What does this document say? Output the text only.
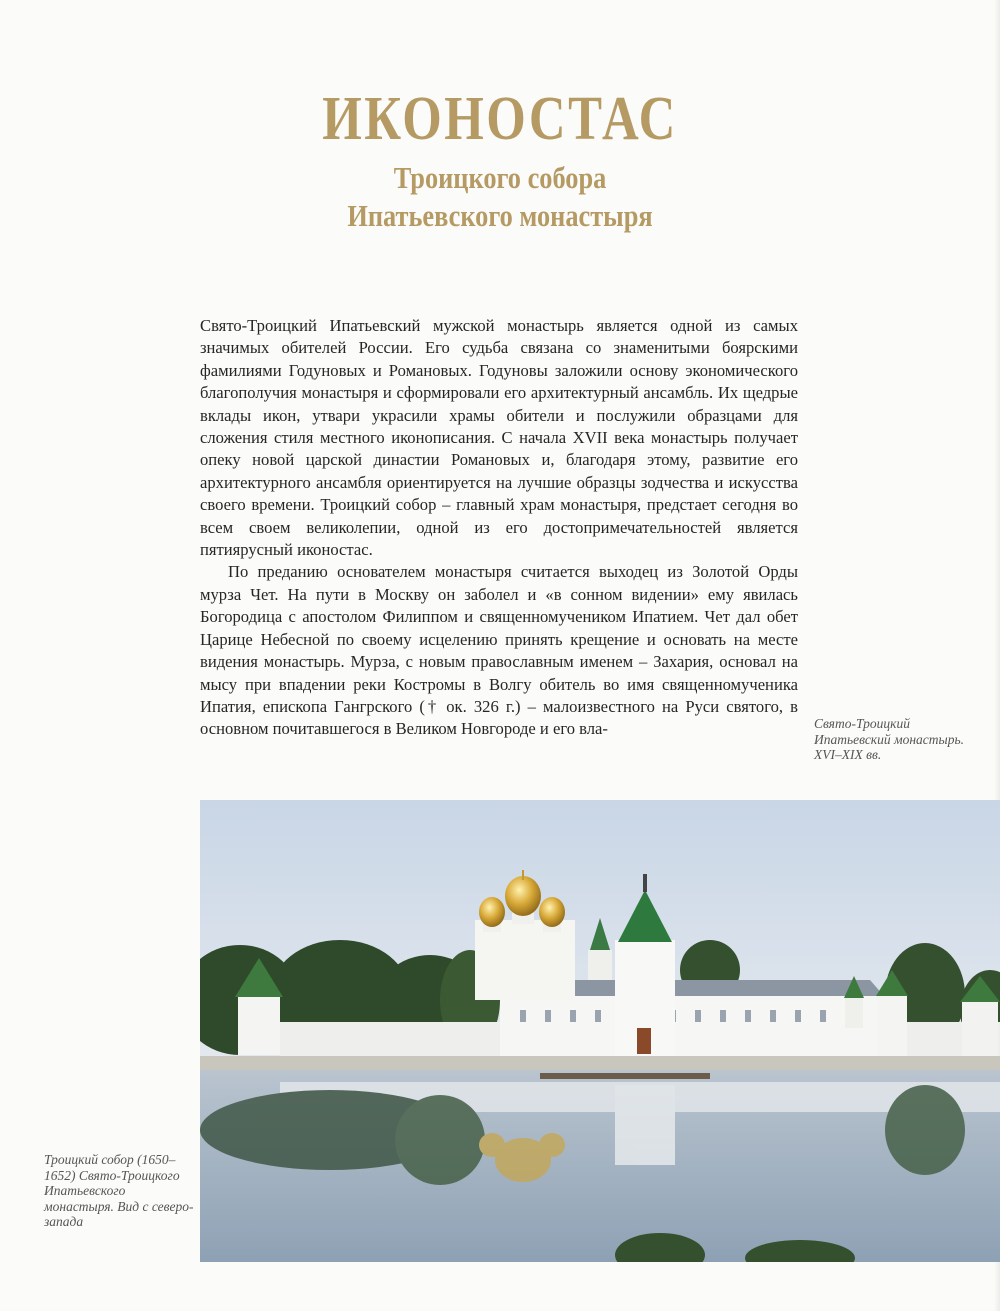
ИКОНОСТАС
Троицкого собора
Ипатьевского монастыря

Свято-Троицкий Ипатьевский мужской монастырь является одной из самых значимых обителей России. Его судьба связана со знаменитыми боярскими фамилиями Годуновых и Романовых. Годуновы заложили основу экономического благополучия монастыря и сформировали его архитектурный ансамбль. Их щедрые вклады икон, утвари украсили храмы обители и послужили образцами для сложения стиля местного иконописания. С начала XVII века монастырь получает опеку новой царской династии Романовых и, благодаря этому, развитие его архитектурного ансамбля ориентируется на лучшие образцы зодчества и искусства своего времени. Троицкий собор – главный храм монастыря, предстает сегодня во всем своем великолепии, одной из его достопримечательностей является пятиярусный иконостас.

По преданию основателем монастыря считается выходец из Золотой Орды мурза Чет. На пути в Москву он заболел и «в сонном видении» ему явилась Богородица с апостолом Филиппом и священномучеником Ипатием. Чет дал обет Царице Небесной по своему исцелению принять крещение и основать на месте видения монастырь. Мурза, с новым православным именем – Захария, основал на мысу при впадении реки Костромы в Волгу обитель во имя священномученика Ипатия, епископа Гангрского († ок. 326 г.) – малоизвестного на Руси святого, в основном почитавшегося в Великом Новгороде и его вла-	Свято-Троицкий Ипатьевский монастырь. XVI–XIX вв.
Троицкий собор (1650–1652) Свято-Троицкого Ипатьевского монастыря. Вид с северо-запада
